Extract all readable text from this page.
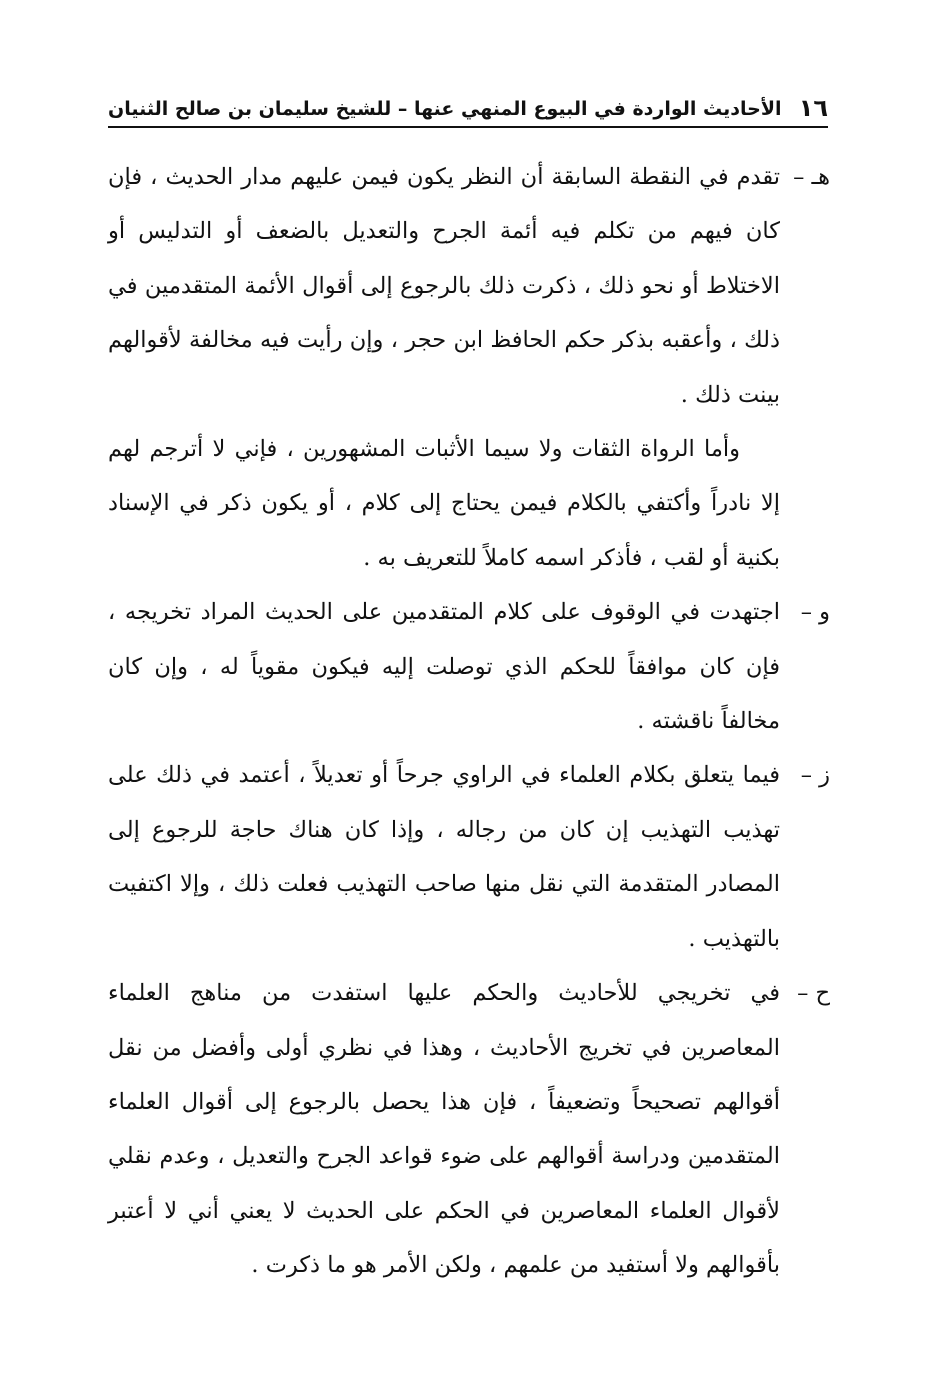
١٦
الأحاديث الواردة في البيوع المنهي عنها – للشيخ سليمان بن صالح الثنيان
هـ –

تقدم في النقطة السابقة أن النظر يكون فيمن عليهم مدار الحديث ، فإن كان فيهم من تكلم فيه أئمة الجرح والتعديل بالضعف أو التدليس أو الاختلاط أو نحو ذلك ، ذكرت ذلك بالرجوع إلى أقوال الأئمة المتقدمين في ذلك ، وأعقبه بذكر حكم الحافظ ابن حجر ، وإن رأيت فيه مخالفة لأقوالهم بينت ذلك .

وأما الرواة الثقات ولا سيما الأثبات المشهورين ، فإني لا أترجم لهم إلا نادراً وأكتفي بالكلام فيمن يحتاج إلى كلام ، أو يكون ذكر في الإسناد بكنية أو لقب ، فأذكر اسمه كاملاً للتعريف به .

و –

اجتهدت في الوقوف على كلام المتقدمين على الحديث المراد تخريجه ، فإن كان موافقاً للحكم الذي توصلت إليه فيكون مقوياً له ، وإن كان مخالفاً ناقشته .

ز –

فيما يتعلق بكلام العلماء في الراوي جرحاً أو تعديلاً ، أعتمد في ذلك على تهذيب التهذيب إن كان من رجاله ، وإذا كان هناك حاجة للرجوع إلى المصادر المتقدمة التي نقل منها صاحب التهذيب فعلت ذلك ، وإلا اكتفيت بالتهذيب .

ح –

في تخريجي للأحاديث والحكم عليها استفدت من مناهج العلماء المعاصرين في تخريج الأحاديث ، وهذا في نظري أولى وأفضل من نقل أقوالهم تصحيحاً وتضعيفاً ، فإن هذا يحصل بالرجوع إلى أقوال العلماء المتقدمين ودراسة أقوالهم على ضوء قواعد الجرح والتعديل ، وعدم نقلي لأقوال العلماء المعاصرين في الحكم على الحديث لا يعني أني لا أعتبر بأقوالهم ولا أستفيد من علمهم ، ولكن الأمر هو ما ذكرت .
